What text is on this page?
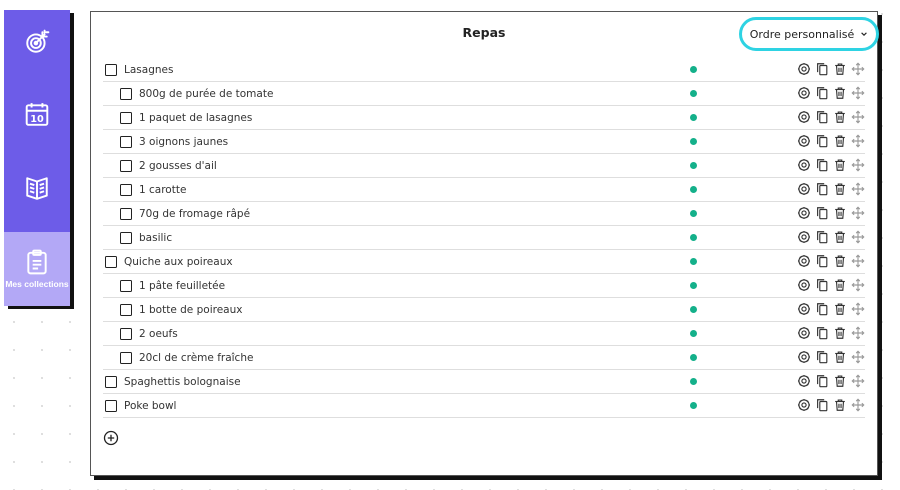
10
Mes collections
Repas	Ordre personnalisé
Lasagnes
800g de purée de tomate
1 paquet de lasagnes
3 oignons jaunes
2 gousses d'ail
1 carotte
70g de fromage râpé
basilic
Quiche aux poireaux
1 pâte feuilletée
1 botte de poireaux
2 oeufs
20cl de crème fraîche
Spaghettis bolognaise
Poke bowl
